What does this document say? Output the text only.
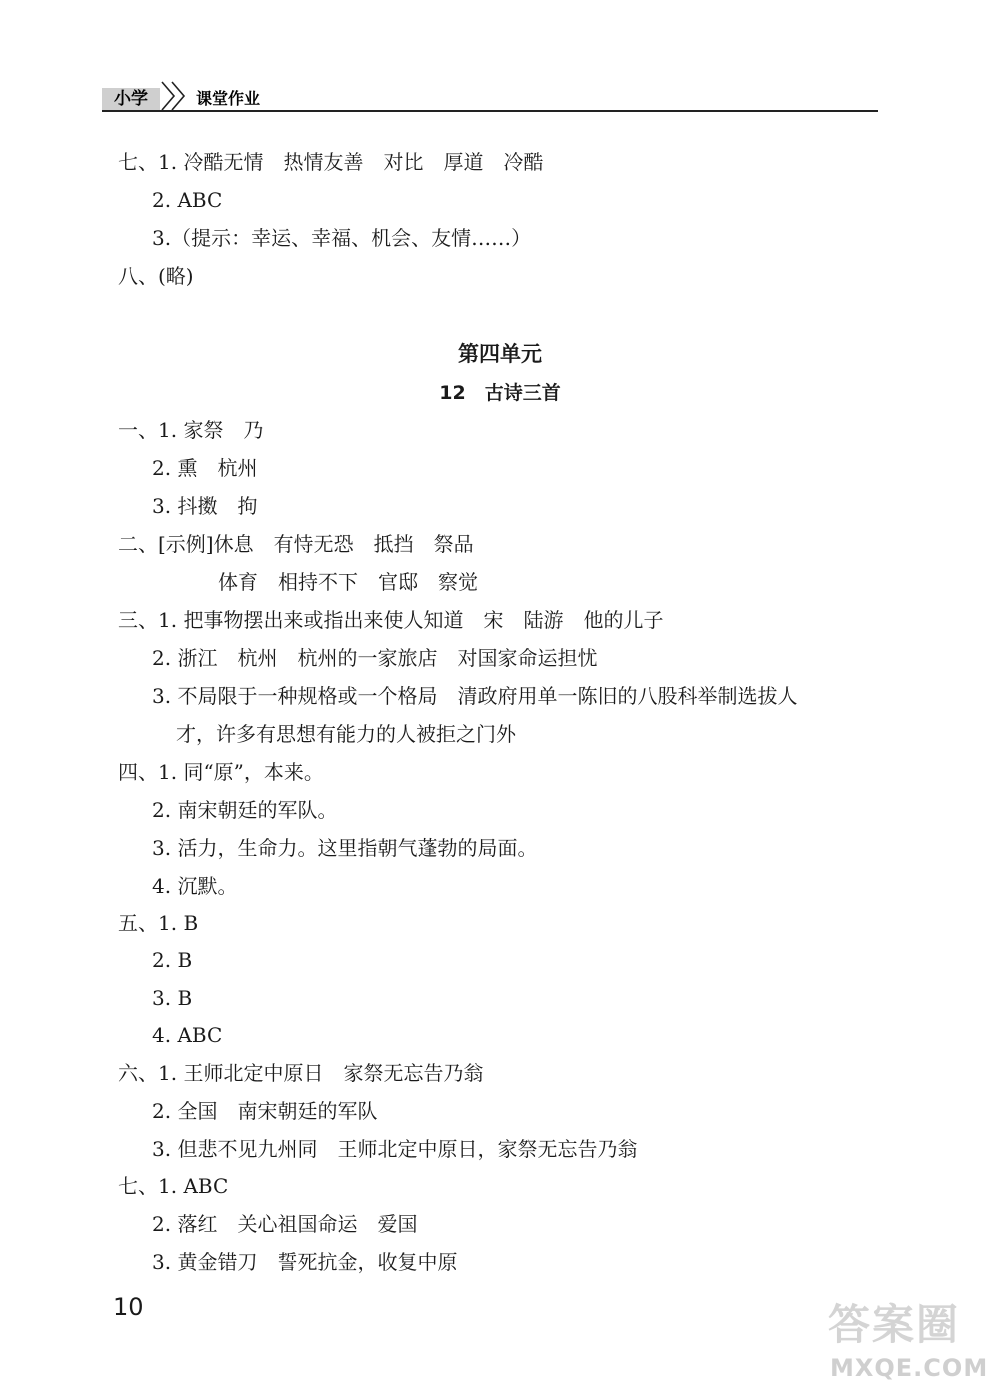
小学	课堂作业
七、1. 冷酷无情　热情友善　对比　厚道　冷酷
2. ABC
3.（提示：幸运、幸福、机会、友情……）
八、(略)
第四单元
12　古诗三首
一、1. 家祭　乃
2. 熏　杭州
3. 抖擞　拘
二、[示例]休息　有恃无恐　抵挡　祭品
体育　相持不下　官邸　察觉
三、1. 把事物摆出来或指出来使人知道　宋　陆游　他的儿子
2. 浙江　杭州　杭州的一家旅店　对国家命运担忧
3. 不局限于一种规格或一个格局　清政府用单一陈旧的八股科举制选拔人
才，许多有思想有能力的人被拒之门外
四、1. 同“原”，本来。
2. 南宋朝廷的军队。
3. 活力，生命力。这里指朝气蓬勃的局面。
4. 沉默。
五、1. B
2. B
3. B
4. ABC
六、1. 王师北定中原日　家祭无忘告乃翁
2. 全国　南宋朝廷的军队
3. 但悲不见九州同　王师北定中原日，家祭无忘告乃翁
七、1. ABC
2. 落红　关心祖国命运　爱国
3. 黄金错刀　誓死抗金，收复中原
10	答案圈
MXQE.COM
